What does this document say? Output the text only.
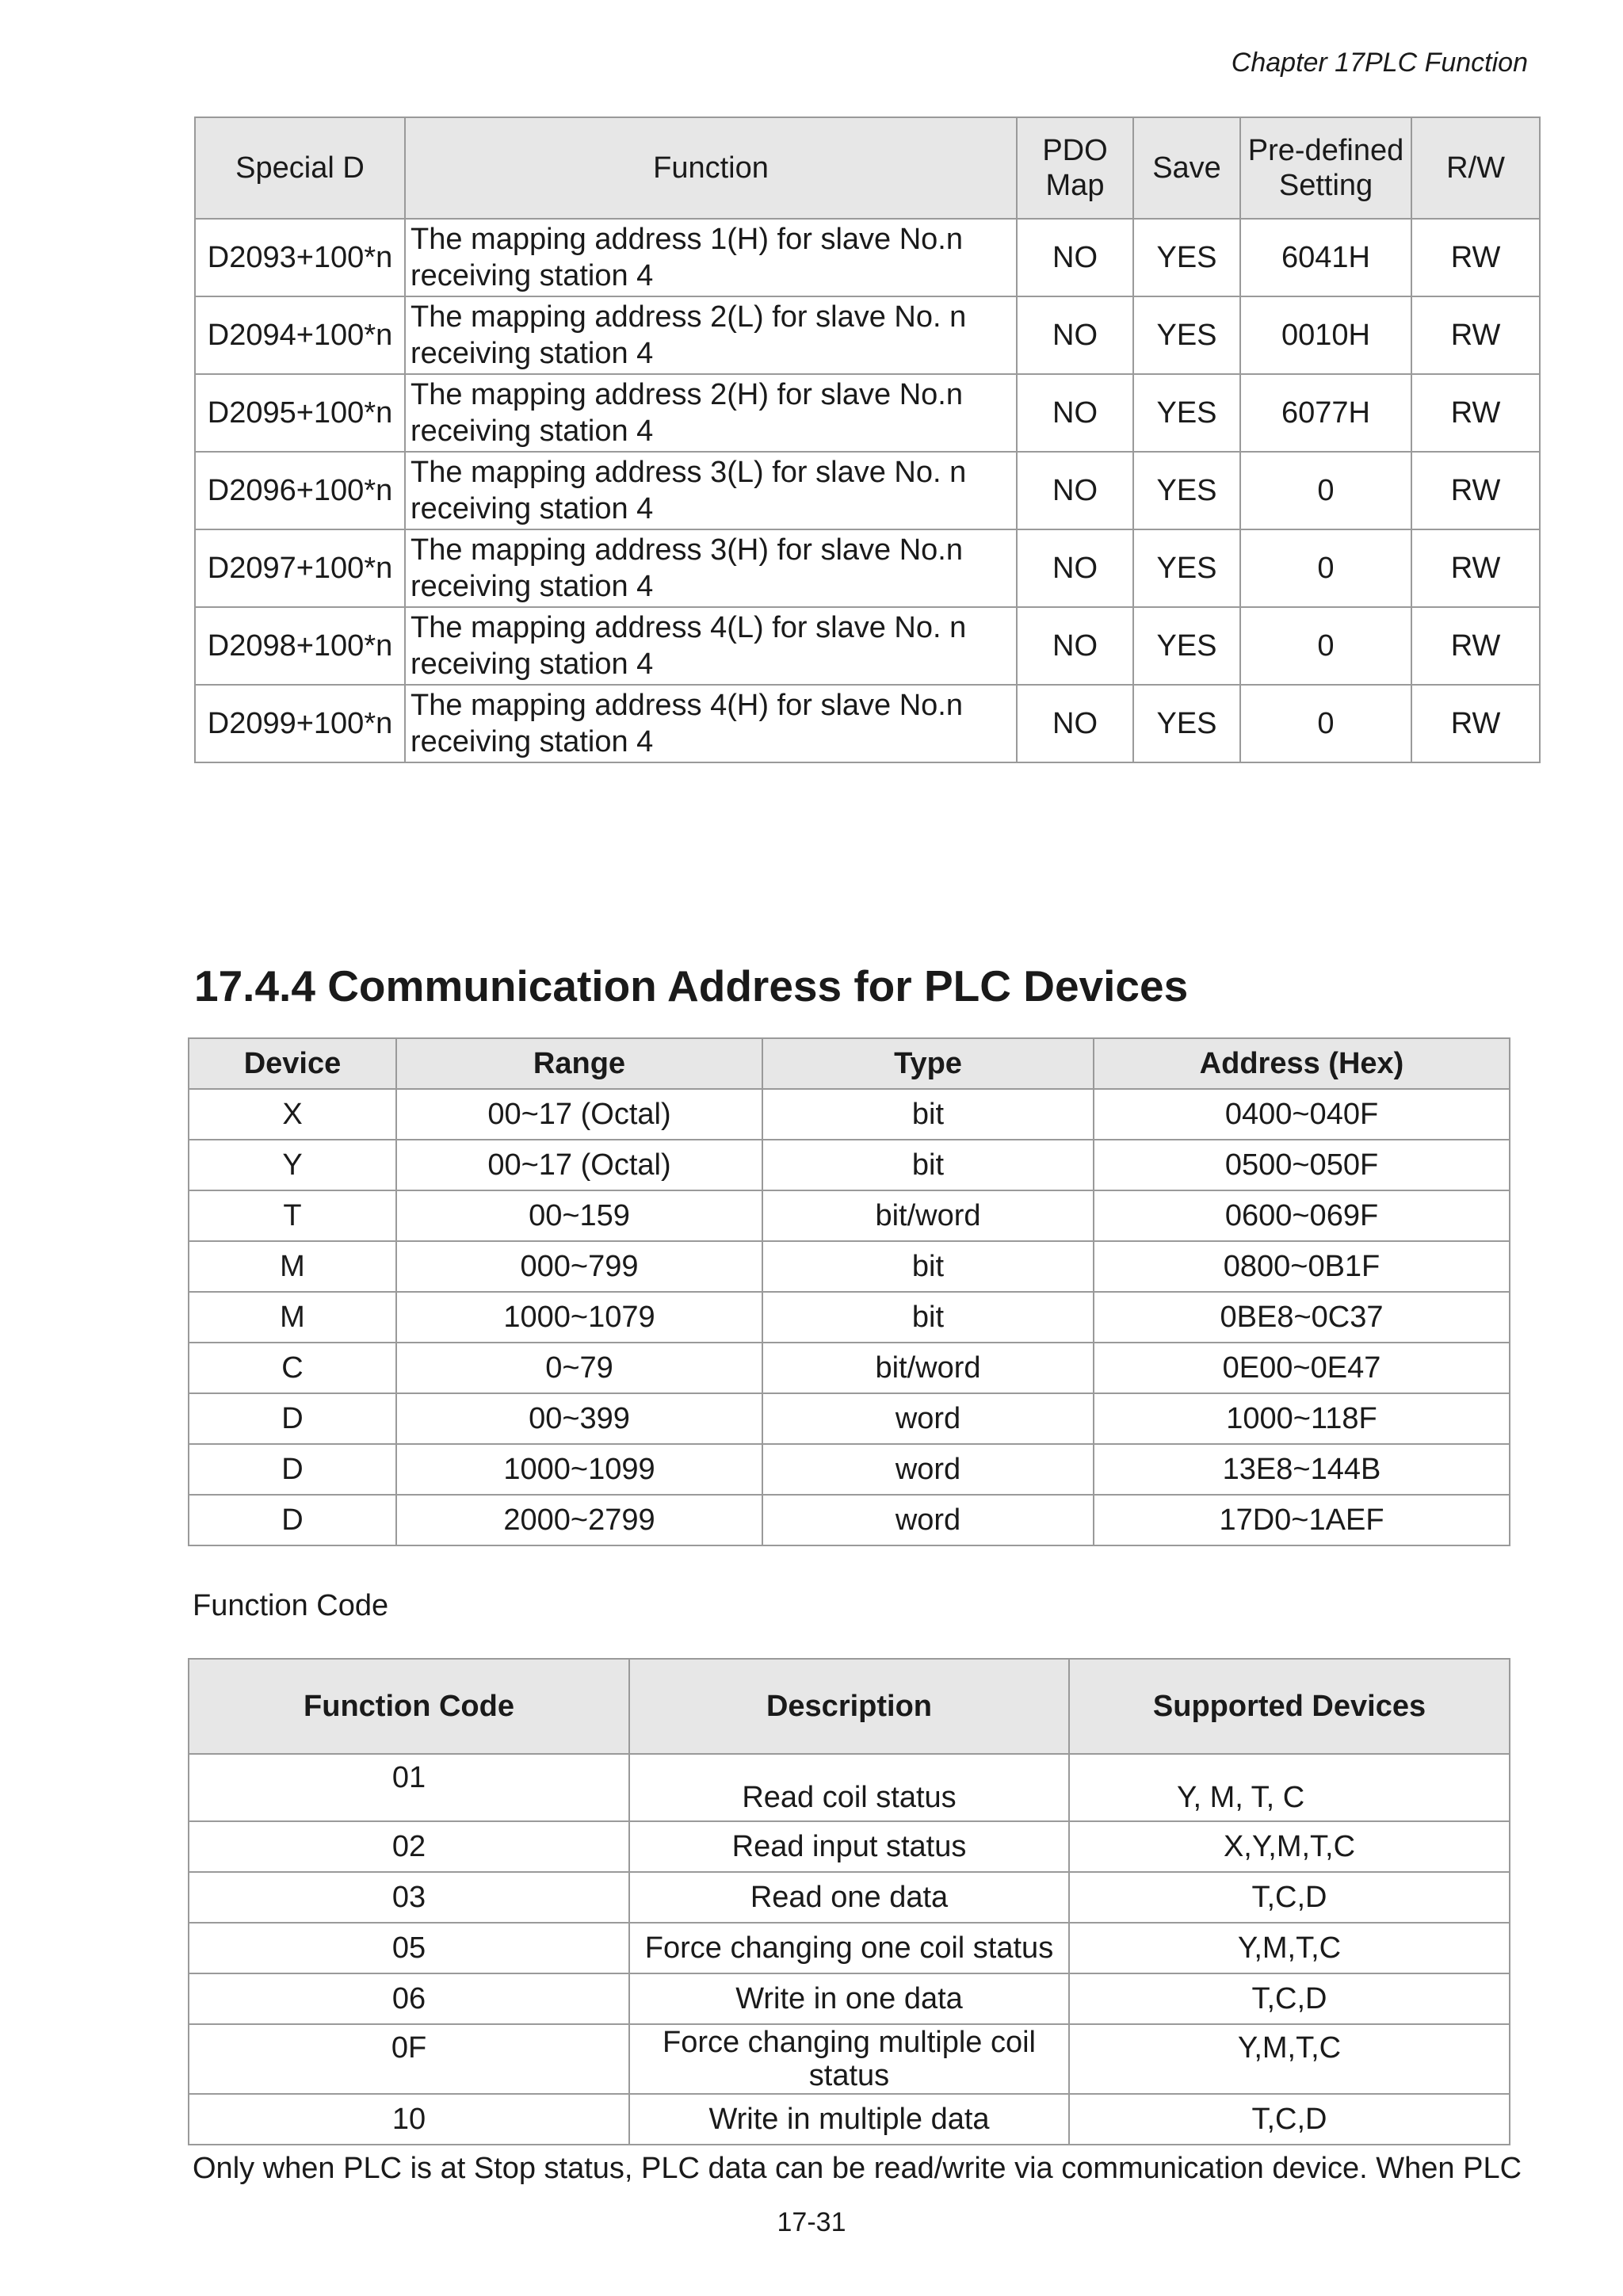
Chapter 17PLC Function
Special D	Function	PDO Map	Save	Pre-defined Setting	R/W
D2093+100*n	The mapping address 1(H) for slave No.n receiving station 4	NO	YES	6041H	RW
D2094+100*n	The mapping address 2(L) for slave No. n receiving station 4	NO	YES	0010H	RW
D2095+100*n	The mapping address 2(H) for slave No.n receiving station 4	NO	YES	6077H	RW
D2096+100*n	The mapping address 3(L) for slave No. n receiving station 4	NO	YES	0	RW
D2097+100*n	The mapping address 3(H) for slave No.n receiving station 4	NO	YES	0	RW
D2098+100*n	The mapping address 4(L) for slave No. n receiving station 4	NO	YES	0	RW
D2099+100*n	The mapping address 4(H) for slave No.n receiving station 4	NO	YES	0	RW
17.4.4 Communication Address for PLC Devices
Device	Range	Type	Address (Hex)
X	00~17 (Octal)	bit	0400~040F
Y	00~17 (Octal)	bit	0500~050F
T	00~159	bit/word	0600~069F
M	000~799	bit	0800~0B1F
M	1000~1079	bit	0BE8~0C37
C	0~79	bit/word	0E00~0E47
D	00~399	word	1000~118F
D	1000~1099	word	13E8~144B
D	2000~2799	word	17D0~1AEF
Function Code
Function Code	Description	Supported Devices
01	Read coil status	Y, M, T, C
02	Read input status	X,Y,M,T,C
03	Read one data	T,C,D
05	Force changing one coil status	Y,M,T,C
06	Write in one data	T,C,D
0F	Force changing multiple coil status	Y,M,T,C
10	Write in multiple data	T,C,D
Only when PLC is at Stop status, PLC data can be read/write via communication device. When PLC
17-31
